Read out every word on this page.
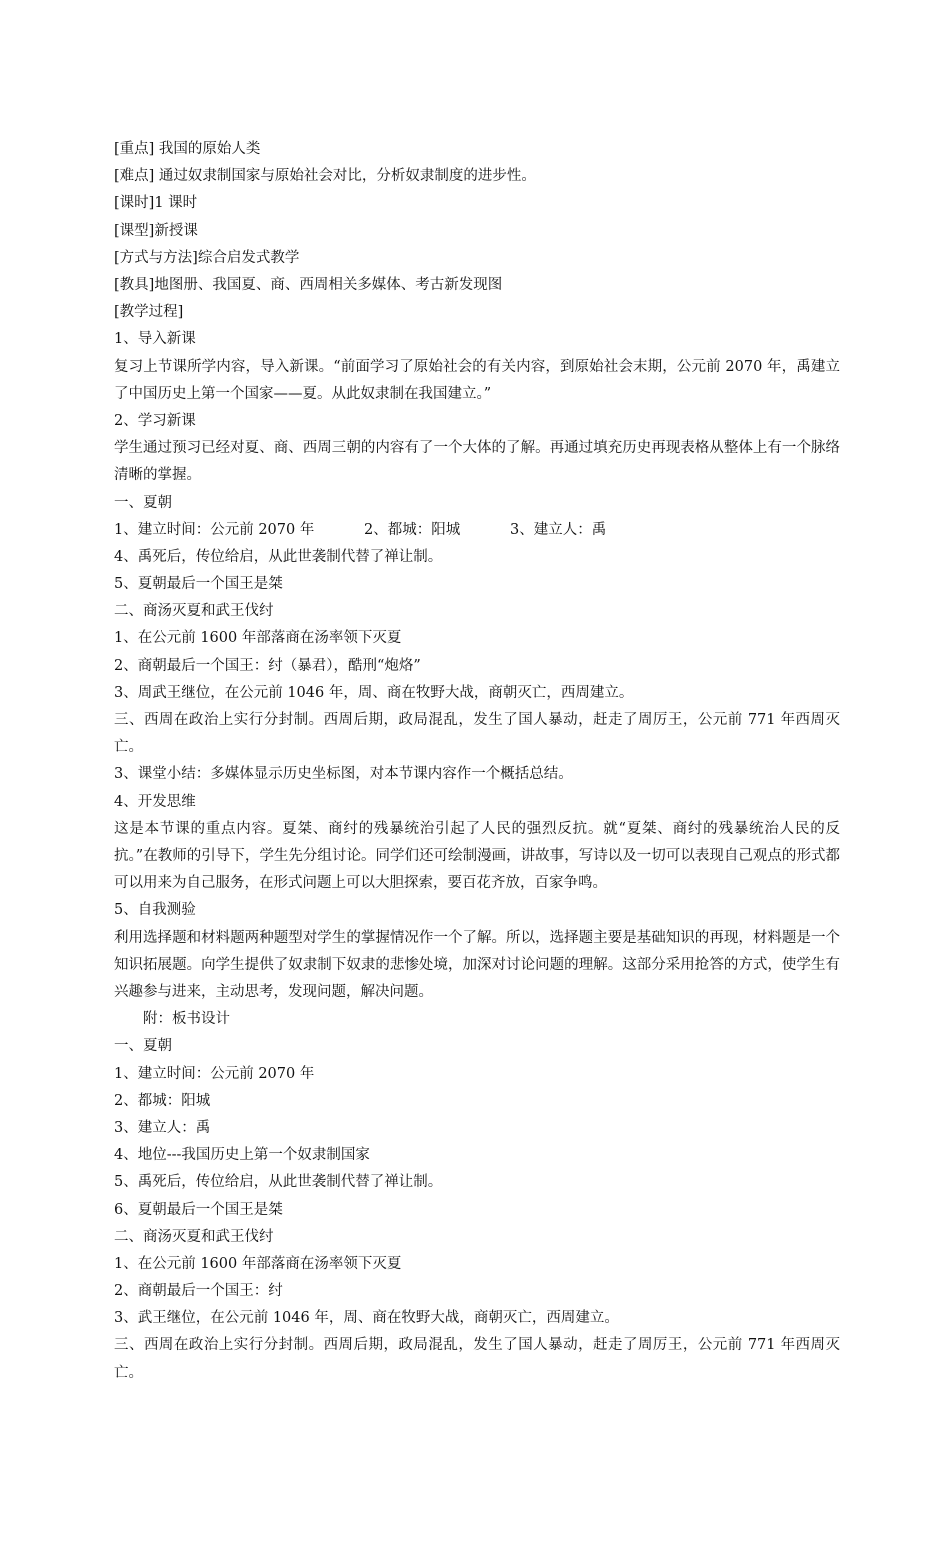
[重点] 我国的原始人类
[难点] 通过奴隶制国家与原始社会对比，分析奴隶制度的进步性。
[课时]1 课时
[课型]新授课
[方式与方法]综合启发式教学
[教具]地图册、我国夏、商、西周相关多媒体、考古新发现图
[教学过程]
1、导入新课
复习上节课所学内容，导入新课。“前面学习了原始社会的有关内容，到原始社会末期，公元前 2070 年，禹建立了中国历史上第一个国家——夏。从此奴隶制在我国建立。”
2、学习新课
学生通过预习已经对夏、商、西周三朝的内容有了一个大体的了解。再通过填充历史再现表格从整体上有一个脉络清晰的掌握。
一、夏朝
1、建立时间：公元前 2070 年	2、都城：阳城	3、建立人：禹
4、禹死后，传位给启，从此世袭制代替了禅让制。
5、夏朝最后一个国王是桀
二、商汤灭夏和武王伐纣
1、在公元前 1600 年部落商在汤率领下灭夏
2、商朝最后一个国王：纣（暴君），酷刑“炮烙”
3、周武王继位，在公元前 1046 年，周、商在牧野大战，商朝灭亡，西周建立。
三、西周在政治上实行分封制。西周后期，政局混乱，发生了国人暴动，赶走了周厉王，公元前 771 年西周灭亡。
3、课堂小结：多媒体显示历史坐标图，对本节课内容作一个概括总结。
4、开发思维
这是本节课的重点内容。夏桀、商纣的残暴统治引起了人民的强烈反抗。就“夏桀、商纣的残暴统治人民的反抗。”在教师的引导下，学生先分组讨论。同学们还可绘制漫画，讲故事，写诗以及一切可以表现自己观点的形式都可以用来为自己服务，在形式问题上可以大胆探索，要百花齐放，百家争鸣。
5、自我测验
利用选择题和材料题两种题型对学生的掌握情况作一个了解。所以，选择题主要是基础知识的再现，材料题是一个知识拓展题。向学生提供了奴隶制下奴隶的悲惨处境，加深对讨论问题的理解。这部分采用抢答的方式，使学生有兴趣参与进来，主动思考，发现问题，解决问题。
附：板书设计
一、夏朝
1、建立时间：公元前 2070 年
2、都城：阳城
3、建立人：禹
4、地位---我国历史上第一个奴隶制国家
5、禹死后，传位给启，从此世袭制代替了禅让制。
6、夏朝最后一个国王是桀
二、商汤灭夏和武王伐纣
1、在公元前 1600 年部落商在汤率领下灭夏
2、商朝最后一个国王：纣
3、武王继位，在公元前 1046 年，周、商在牧野大战，商朝灭亡，西周建立。
三、西周在政治上实行分封制。西周后期，政局混乱，发生了国人暴动，赶走了周厉王，公元前 771 年西周灭亡。
